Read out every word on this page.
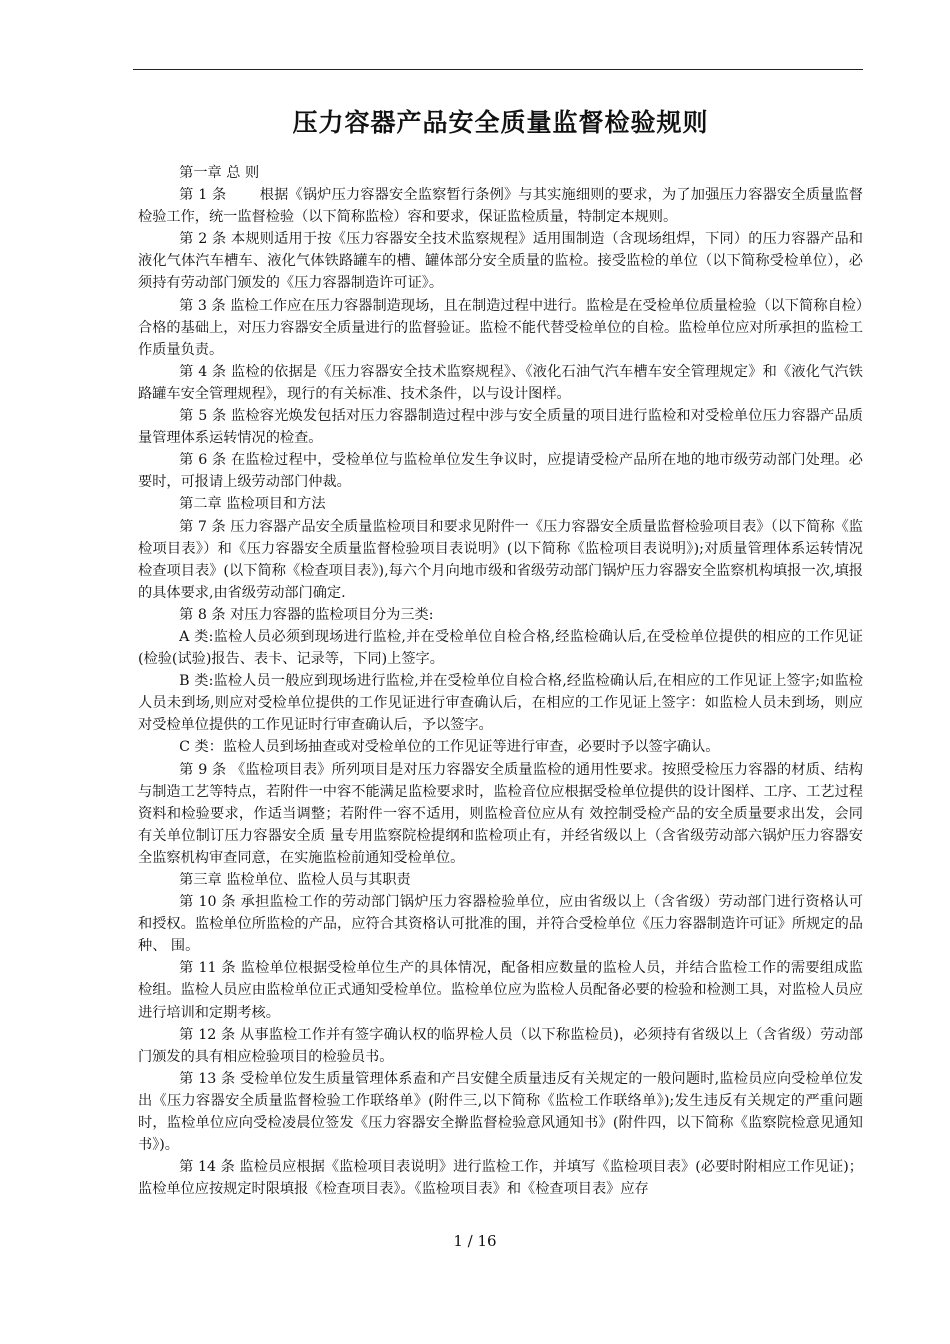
压力容器产品安全质量监督检验规则

第一章 总 则

第 1 条 　　根据《锅炉压力容器安全监察暂行条例》与其实施细则的要求，为了加强压力容器安全质量监督检验工作，统一监督检验（以下简称监检）容和要求，保证监检质量，特制定本规则。

第 2 条 本规则适用于按《压力容器安全技术监察规程》适用围制造（含现场组焊，下同）的压力容器产品和液化气体汽车槽车、液化气体铁路罐车的槽、罐体部分安全质量的监检。接受监检的单位（以下简称受检单位），必须持有劳动部门颁发的《压力容器制造许可证》。

第 3 条 监检工作应在压力容器制造现场，且在制造过程中进行。监检是在受检单位质量检验（以下简称自检）合格的基础上，对压力容器安全质量进行的监督验证。监检不能代替受检单位的自检。监检单位应对所承担的监检工作质量负责。

第 4 条 监检的依据是《压力容器安全技术监察规程》、《液化石油气汽车槽车安全管理规定》和《液化气汽铁路罐车安全管理规程》，现行的有关标准、技术条件，以与设计图样。

第 5 条 监检容光焕发包括对压力容器制造过程中涉与安全质量的项目进行监检和对受检单位压力容器产品质量管理体系运转情况的检查。

第 6 条 在监检过程中，受检单位与监检单位发生争议时，应提请受检产品所在地的地市级劳动部门处理。必要时，可报请上级劳动部门仲裁。

第二章 监检项目和方法

第 7 条 压力容器产品安全质量监检项目和要求见附件一《压力容器安全质量监督检验项目表》（以下简称《监检项目表》）和《压力容器安全质量监督检验项目表说明》(以下简称《监检项目表说明》);对质量管理体系运转情况检查项目表》(以下简称《检查项目表》),每六个月向地市级和省级劳动部门锅炉压力容器安全监察机构填报一次,填报的具体要求,由省级劳动部门确定.

第 8 条 对压力容器的监检项目分为三类:

A 类:监检人员必须到现场进行监检,并在受检单位自检合格,经监检确认后,在受检单位提供的相应的工作见证(检验(试验)报告、表卡、记录等，下同)上签字。

B 类:监检人员一般应到现场进行监检,并在受检单位自检合格,经监检确认后,在相应的工作见证上签字;如监检人员未到场,则应对受检单位提供的工作见证进行审查确认后，在相应的工作见证上签字：如监检人员未到场，则应对受检单位提供的工作见证时行审查确认后，予以签字。

C 类：监检人员到场抽查或对受检单位的工作见证等进行审查，必要时予以签字确认。

第 9 条 《监检项目表》所列项目是对压力容器安全质量监检的通用性要求。按照受检压力容器的材质、结构与制造工艺等特点，若附件一中容不能满足监检要求时，监检音位应根据受检单位提供的设计图样、工序、工艺过程 资料和检验要求，作适当调整；若附件一容不适用，则监检音位应从有 效控制受检产品的安全质量要求出发，会同有关单位制订压力容器安全质 量专用监察院检提纲和监检项止有，并经省级以上（含省级劳动部六锅炉压力容器安全监察机构审查同意，在实施监检前通知受检单位。

第三章 监检单位、监检人员与其职责

第 10 条 承担监检工作的劳动部门锅炉压力容器检验单位，应由省级以上（含省级）劳动部门进行资格认可和授权。监检单位所监检的产品，应符合其资格认可批准的围，并符合受检单位《压力容器制造许可证》所规定的品种、 围。

第 11 条 监检单位根据受检单位生产的具体情况，配备相应数量的监检人员，并结合监检工作的需要组成监检组。监检人员应由监检单位正式通知受检单位。监检单位应为监检人员配备必要的检验和检测工具，对监检人员应进行培训和定期考核。

第 12 条 从事监检工作并有签字确认权的临界检人员（以下称监检员)，必须持有省级以上（含省级）劳动部门颁发的具有相应检验项目的检验员书。

第 13 条 受检单位发生质量管理体系盍和产吕安健全质量违反有关规定的一般问题时,监检员应向受检单位发出《压力容器安全质量监督检验工作联络单》(附件三,以下简称《监检工作联络单》);发生违反有关规定的严重问题时，监检单位应向受检凌晨位签发《压力容器安全擀监督检验意风通知书》(附件四，以下简称《监察院检意见通知书》)。

第 14 条 监检员应根据《监检项目表说明》进行监检工作，并填写《监检项目表》(必要时附相应工作见证)；监检单位应按规定时限填报《检查项目表》。《监检项目表》和《检查项目表》应存

1 / 16
